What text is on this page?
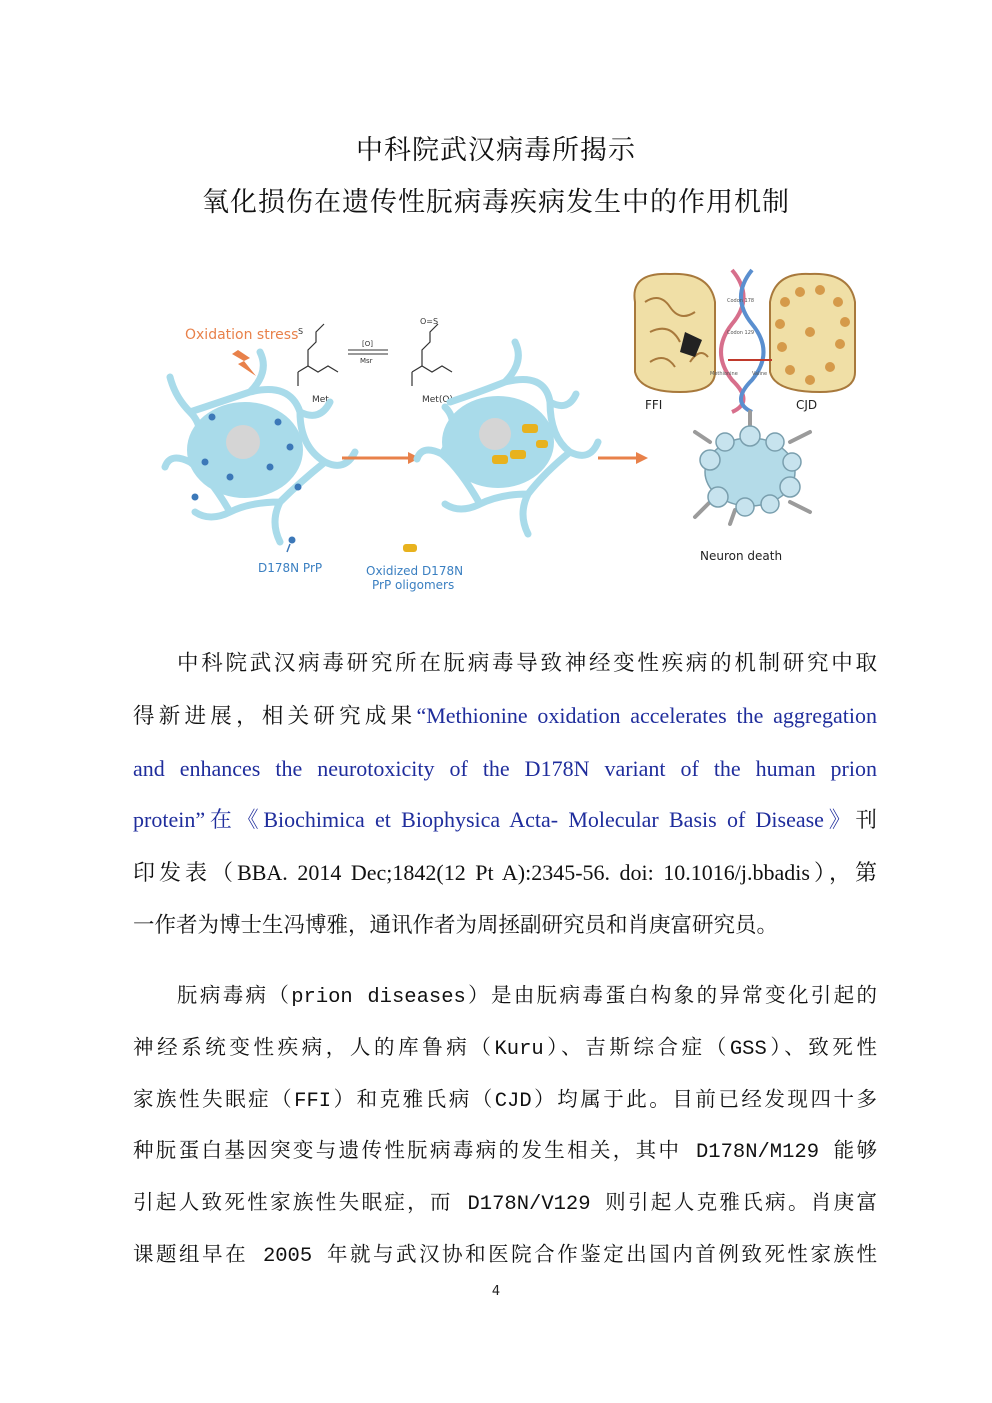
中科院武汉病毒所揭示
氧化损伤在遗传性朊病毒疾病发生中的作用机制
Oxidation stress S
Met
[O]
Msr
O=S
Met(O)	FFI	CJD
Codon 178
Codon 129
Methionine	Valine
Neuron death
D178N PrP	Oxidized D178N
PrP oligomers
中科院武汉病毒研究所在朊病毒导致神经变性疾病的机制研究中取
得新进展，相关研究成果“Methionine oxidation accelerates the aggregation
and enhances the neurotoxicity of the D178N variant of the human prion
protein”在《Biochimica et Biophysica Acta- Molecular Basis of Disease》刊
印发表（BBA. 2014 Dec;1842(12 Pt A):2345-56. doi: 10.1016/j.bbadis），第
一作者为博士生冯博雅，通讯作者为周拯副研究员和肖庚富研究员。
朊病毒病（prion diseases）是由朊病毒蛋白构象的异常变化引起的
神经系统变性疾病，人的库鲁病（Kuru）、吉斯综合症（GSS）、致死性
家族性失眠症（FFI）和克雅氏病（CJD）均属于此。目前已经发现四十多
种朊蛋白基因突变与遗传性朊病毒病的发生相关，其中 D178N/M129 能够
引起人致死性家族性失眠症，而 D178N/V129 则引起人克雅氏病。肖庚富
课题组早在 2005 年就与武汉协和医院合作鉴定出国内首例致死性家族性
4
